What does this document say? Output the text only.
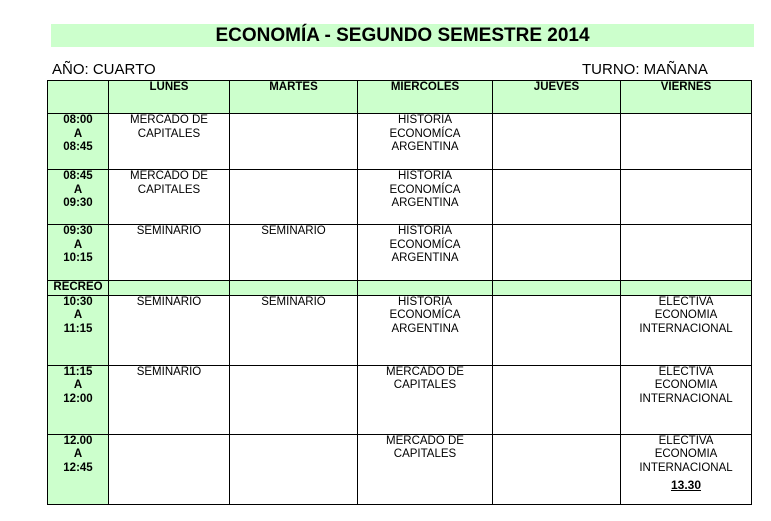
ECONOMÍA - SEGUNDO SEMESTRE 2014
AÑO: CUARTO	TURNO: MAÑANA
	LUNES	MARTES	MIÉRCOLES	JUEVES	VIERNES

08:00
A
08:45	MERCADO DE
CAPITALES		HISTORIA
ECONOMÍCA
ARGENTINA		

08:45
A
09:30	MERCADO DE
CAPITALES		HISTORIA
ECONOMÍCA
ARGENTINA		

09:30
A
10:15	SEMINARIO	SEMINARIO	HISTORIA
ECONOMÍCA
ARGENTINA		

RECREO					

10:30
A
11:15	SEMINARIO	SEMINARIO	HISTORIA
ECONOMÍCA
ARGENTINA		ELECTIVA
ECONOMIA
INTERNACIONAL

11:15
A
12:00	SEMINARIO		MERCADO DE
CAPITALES		ELECTIVA
ECONOMIA
INTERNACIONAL

12.00
A
12:45			MERCADO DE
CAPITALES		ELECTIVA
ECONOMIA
INTERNACIONAL
13.30
